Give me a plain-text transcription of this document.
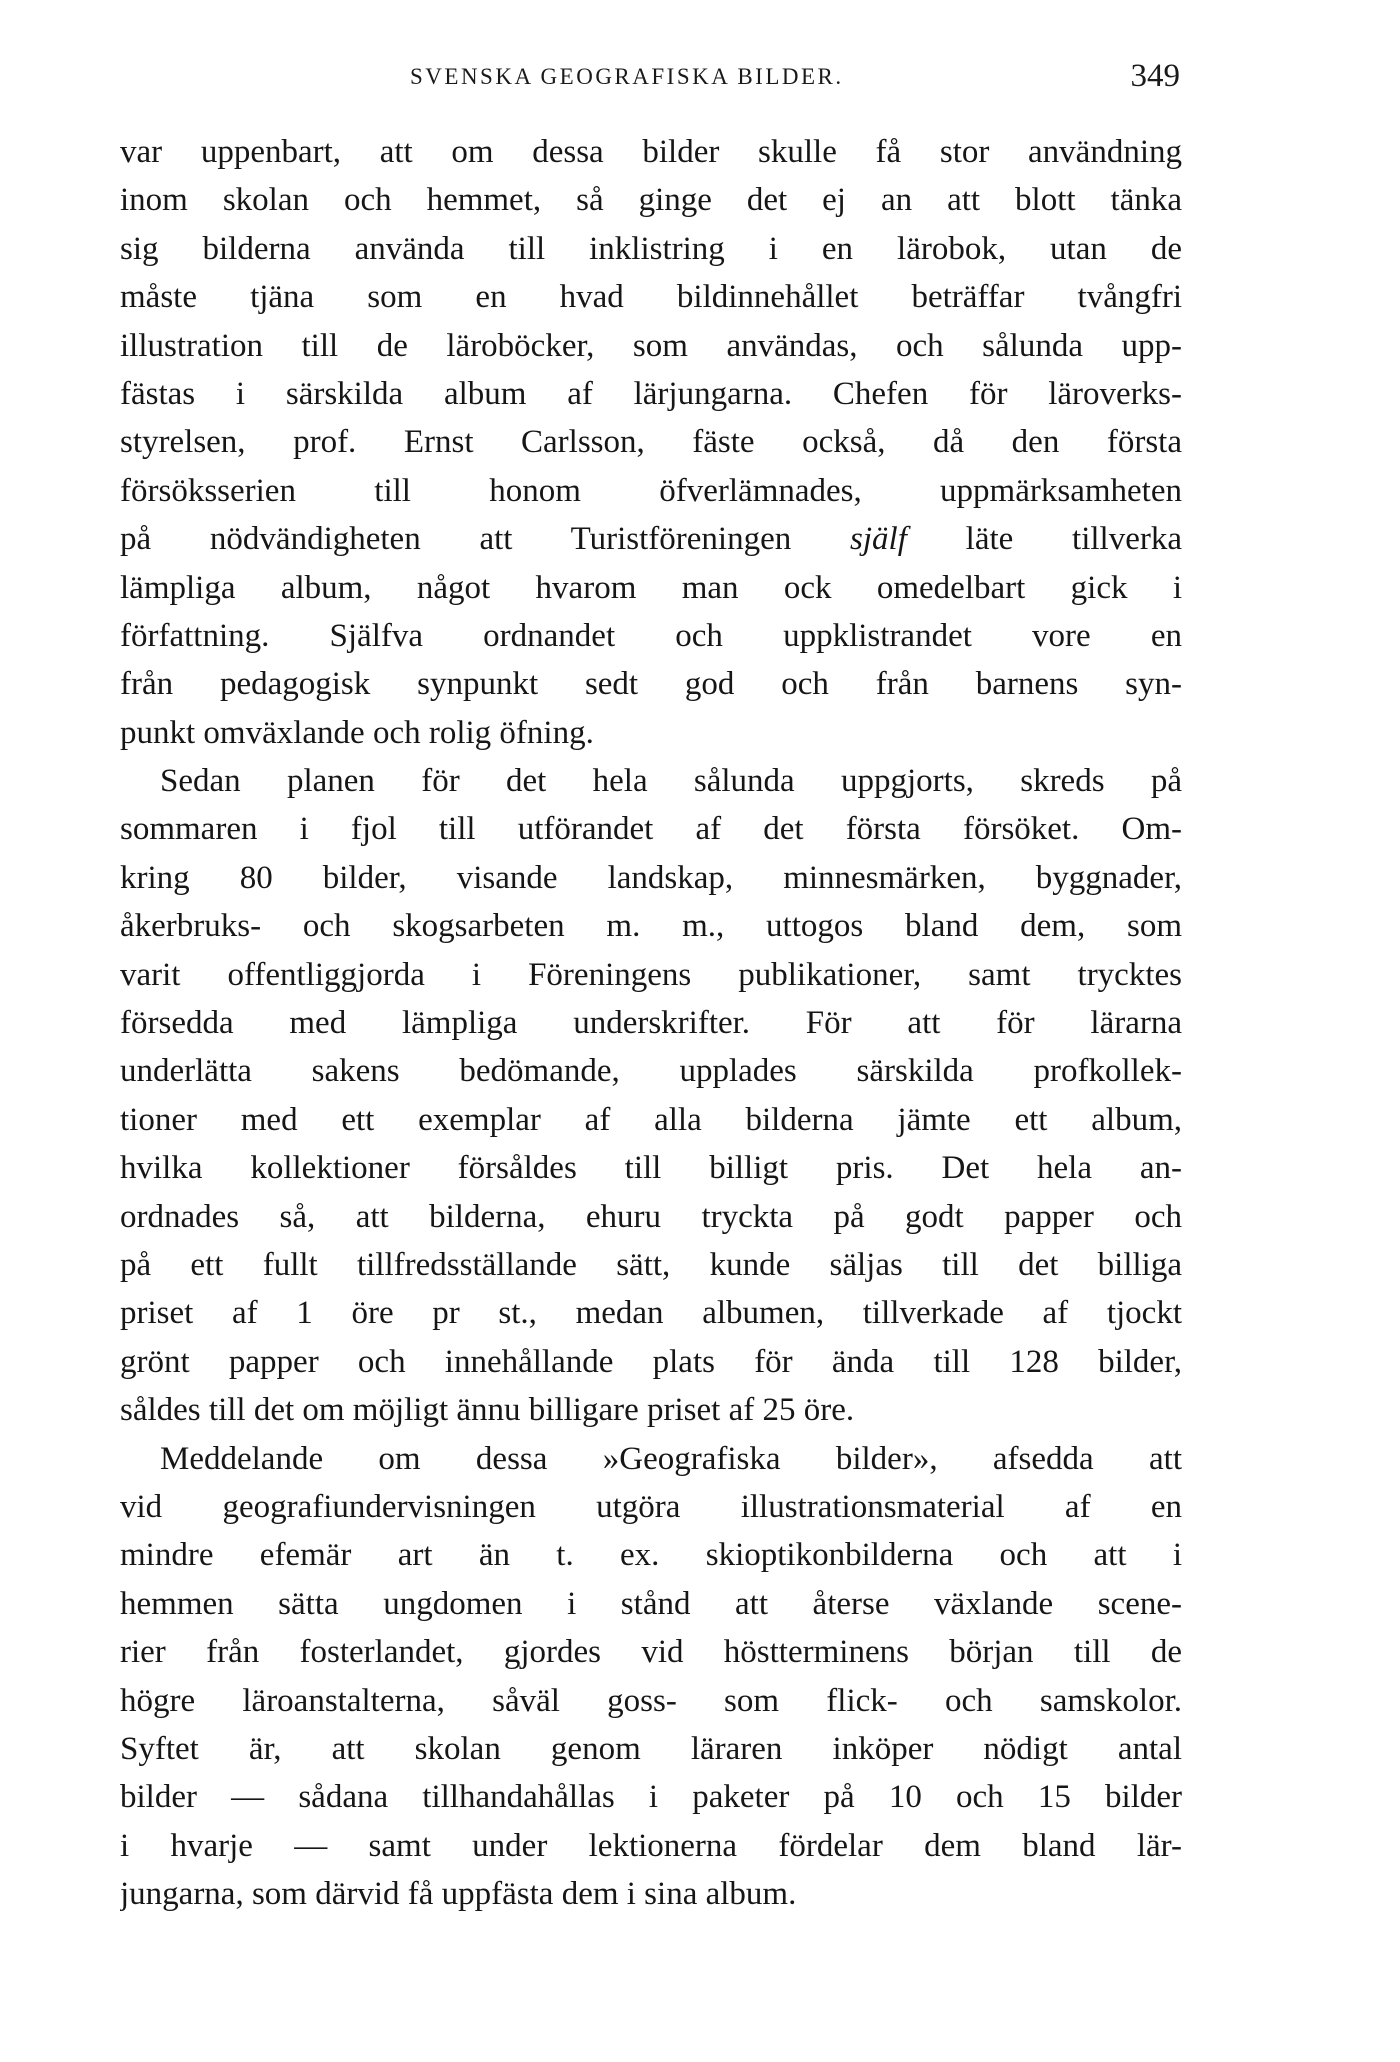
SVENSKA GEOGRAFISKA BILDER.	349
var uppenbart, att om dessa bilder skulle få stor användning
inom skolan och hemmet, så ginge det ej an att blott tänka
sig bilderna använda till inklistring i en lärobok, utan de
måste tjäna som en hvad bildinnehållet beträffar tvångfri
illustration till de läroböcker, som användas, och sålunda upp-
fästas i särskilda album af lärjungarna. Chefen för läroverks-
styrelsen, prof. Ernst Carlsson, fäste också, då den första
försöksserien till honom öfverlämnades, uppmärksamheten
på nödvändigheten att Turistföreningen själf läte tillverka
lämpliga album, något hvarom man ock omedelbart gick i
författning. Själfva ordnandet och uppklistrandet vore en
från pedagogisk synpunkt sedt god och från barnens syn-
punkt omväxlande och rolig öfning.
Sedan planen för det hela sålunda uppgjorts, skreds på
sommaren i fjol till utförandet af det första försöket. Om-
kring 80 bilder, visande landskap, minnesmärken, byggnader,
åkerbruks- och skogsarbeten m. m., uttogos bland dem, som
varit offentliggjorda i Föreningens publikationer, samt trycktes
försedda med lämpliga underskrifter. För att för lärarna
underlätta sakens bedömande, upplades särskilda profkollek-
tioner med ett exemplar af alla bilderna jämte ett album,
hvilka kollektioner försåldes till billigt pris. Det hela an-
ordnades så, att bilderna, ehuru tryckta på godt papper och
på ett fullt tillfredsställande sätt, kunde säljas till det billiga
priset af 1 öre pr st., medan albumen, tillverkade af tjockt
grönt papper och innehållande plats för ända till 128 bilder,
såldes till det om möjligt ännu billigare priset af 25 öre.
Meddelande om dessa »Geografiska bilder», afsedda att
vid geografiundervisningen utgöra illustrationsmaterial af en
mindre efemär art än t. ex. skioptikonbilderna och att i
hemmen sätta ungdomen i stånd att återse växlande scene-
rier från fosterlandet, gjordes vid höstterminens början till de
högre läroanstalterna, såväl goss- som flick- och samskolor.
Syftet är, att skolan genom läraren inköper nödigt antal
bilder — sådana tillhandahållas i paketer på 10 och 15 bilder
i hvarje — samt under lektionerna fördelar dem bland lär-
jungarna, som därvid få uppfästa dem i sina album.
